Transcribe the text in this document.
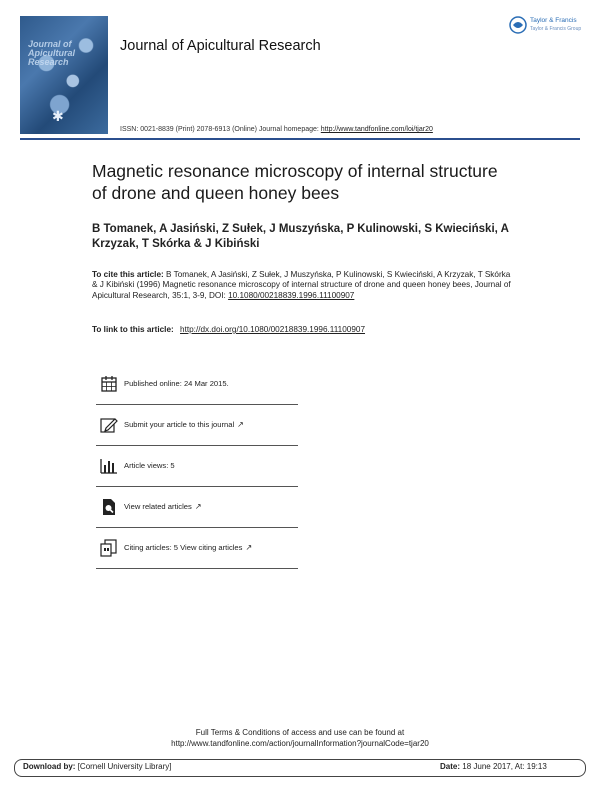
Journal of Apicultural Research
✱
Journal of Apicultural Research
Taylor & Francis
Taylor & Francis Group
ISSN: 0021-8839 (Print) 2078-6913 (Online) Journal homepage: http://www.tandfonline.com/loi/tjar20
Magnetic resonance microscopy of internal structure of drone and queen honey bees
B Tomanek, A Jasiński, Z Sułek, J Muszyńska, P Kulinowski, S Kwieciński, A Krzyzak, T Skórka & J Kibiński
To cite this article: B Tomanek, A Jasiński, Z Sułek, J Muszyńska, P Kulinowski, S Kwieciński, A Krzyzak, T Skórka & J Kibiński (1996) Magnetic resonance microscopy of internal structure of drone and queen honey bees, Journal of Apicultural Research, 35:1, 3-9, DOI: 10.1080/00218839.1996.11100907
To link to this article: http://dx.doi.org/10.1080/00218839.1996.11100907
Published online: 24 Mar 2015.
Submit your article to this journal ↗
Article views: 5
View related articles ↗
Citing articles: 5 View citing articles ↗
Full Terms & Conditions of access and use can be found at
http://www.tandfonline.com/action/journalInformation?journalCode=tjar20
Download by: [Cornell University Library]	Date: 18 June 2017, At: 19:13
